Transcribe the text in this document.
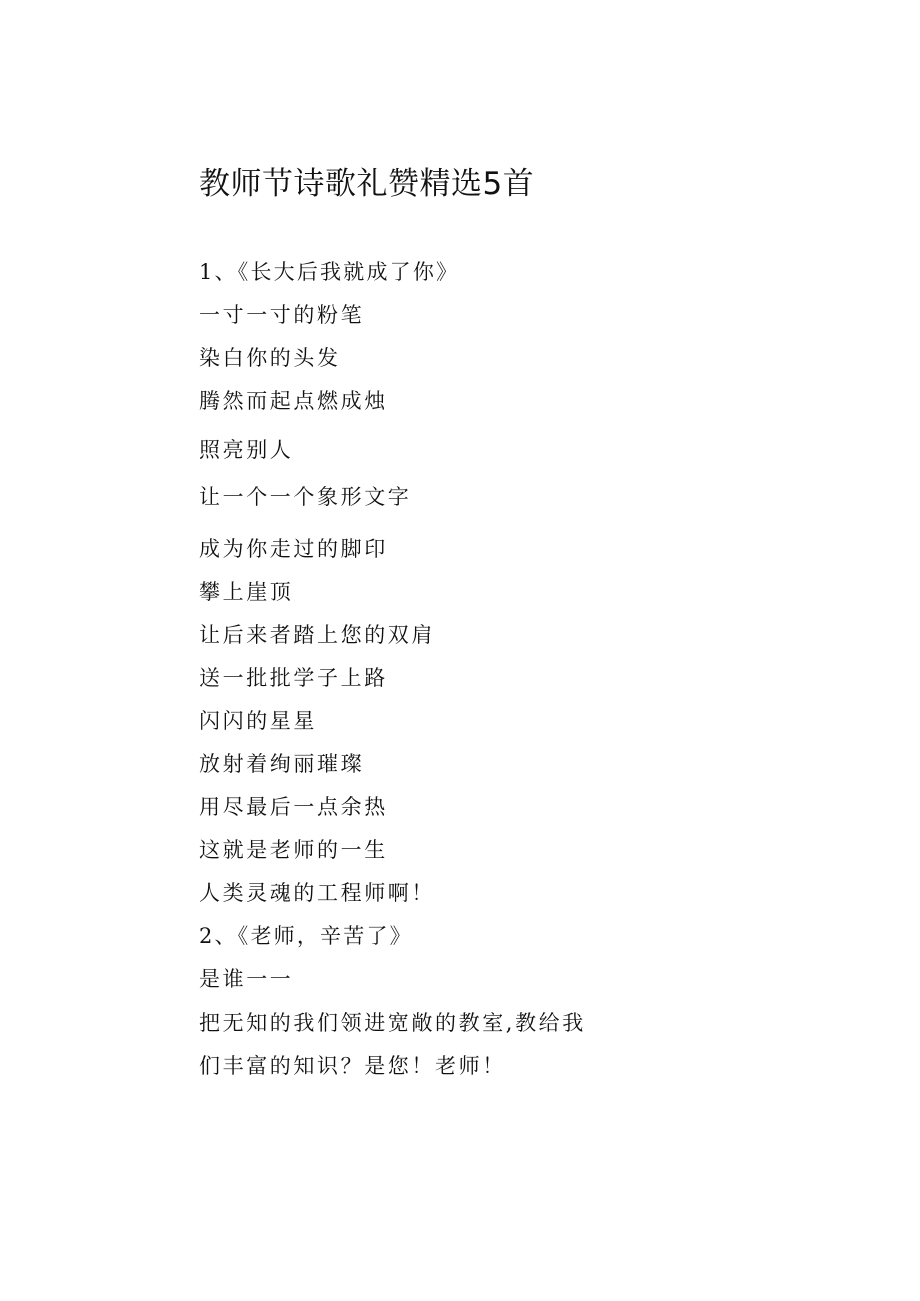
教师节诗歌礼赞精选5首

1、《长大后我就成了你》

一寸一寸的粉笔

染白你的头发

腾然而起点燃成烛

照亮别人

让一个一个象形文字

成为你走过的脚印

攀上崖顶

让后来者踏上您的双肩

送一批批学子上路

闪闪的星星

放射着绚丽璀璨

用尽最后一点余热

这就是老师的一生

人类灵魂的工程师啊！

2、《老师，辛苦了》

是谁一一

把无知的我们领进宽敞的教室,教给我

们丰富的知识？是您！老师！
